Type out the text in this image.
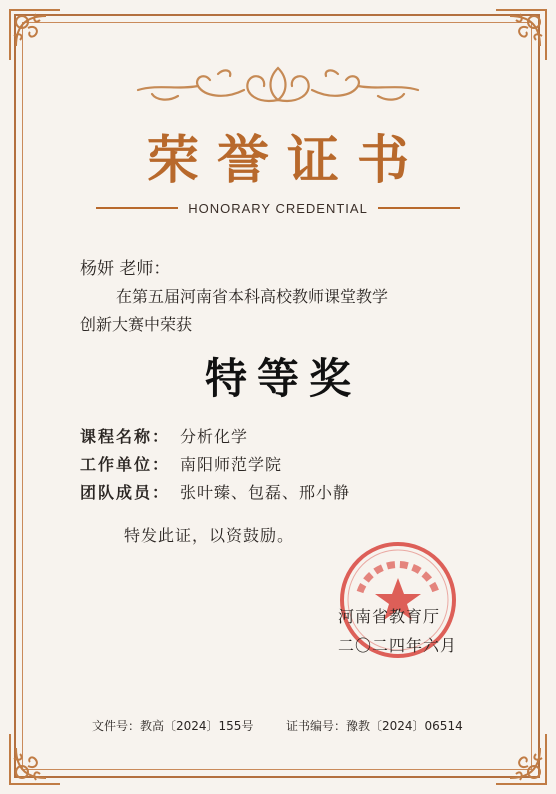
荣誉证书
HONORARY CREDENTIAL
杨妍 老师：
在第五届河南省本科高校教师课堂教学
创新大赛中荣获
特等奖
课程名称： 分析化学
工作单位： 南阳师范学院
团队成员： 张叶臻、包磊、邢小静
特发此证，以资鼓励。
河南省教育厅
二〇二四年六月
文件号：教高〔2024〕155号	证书编号：豫教〔2024〕06514
